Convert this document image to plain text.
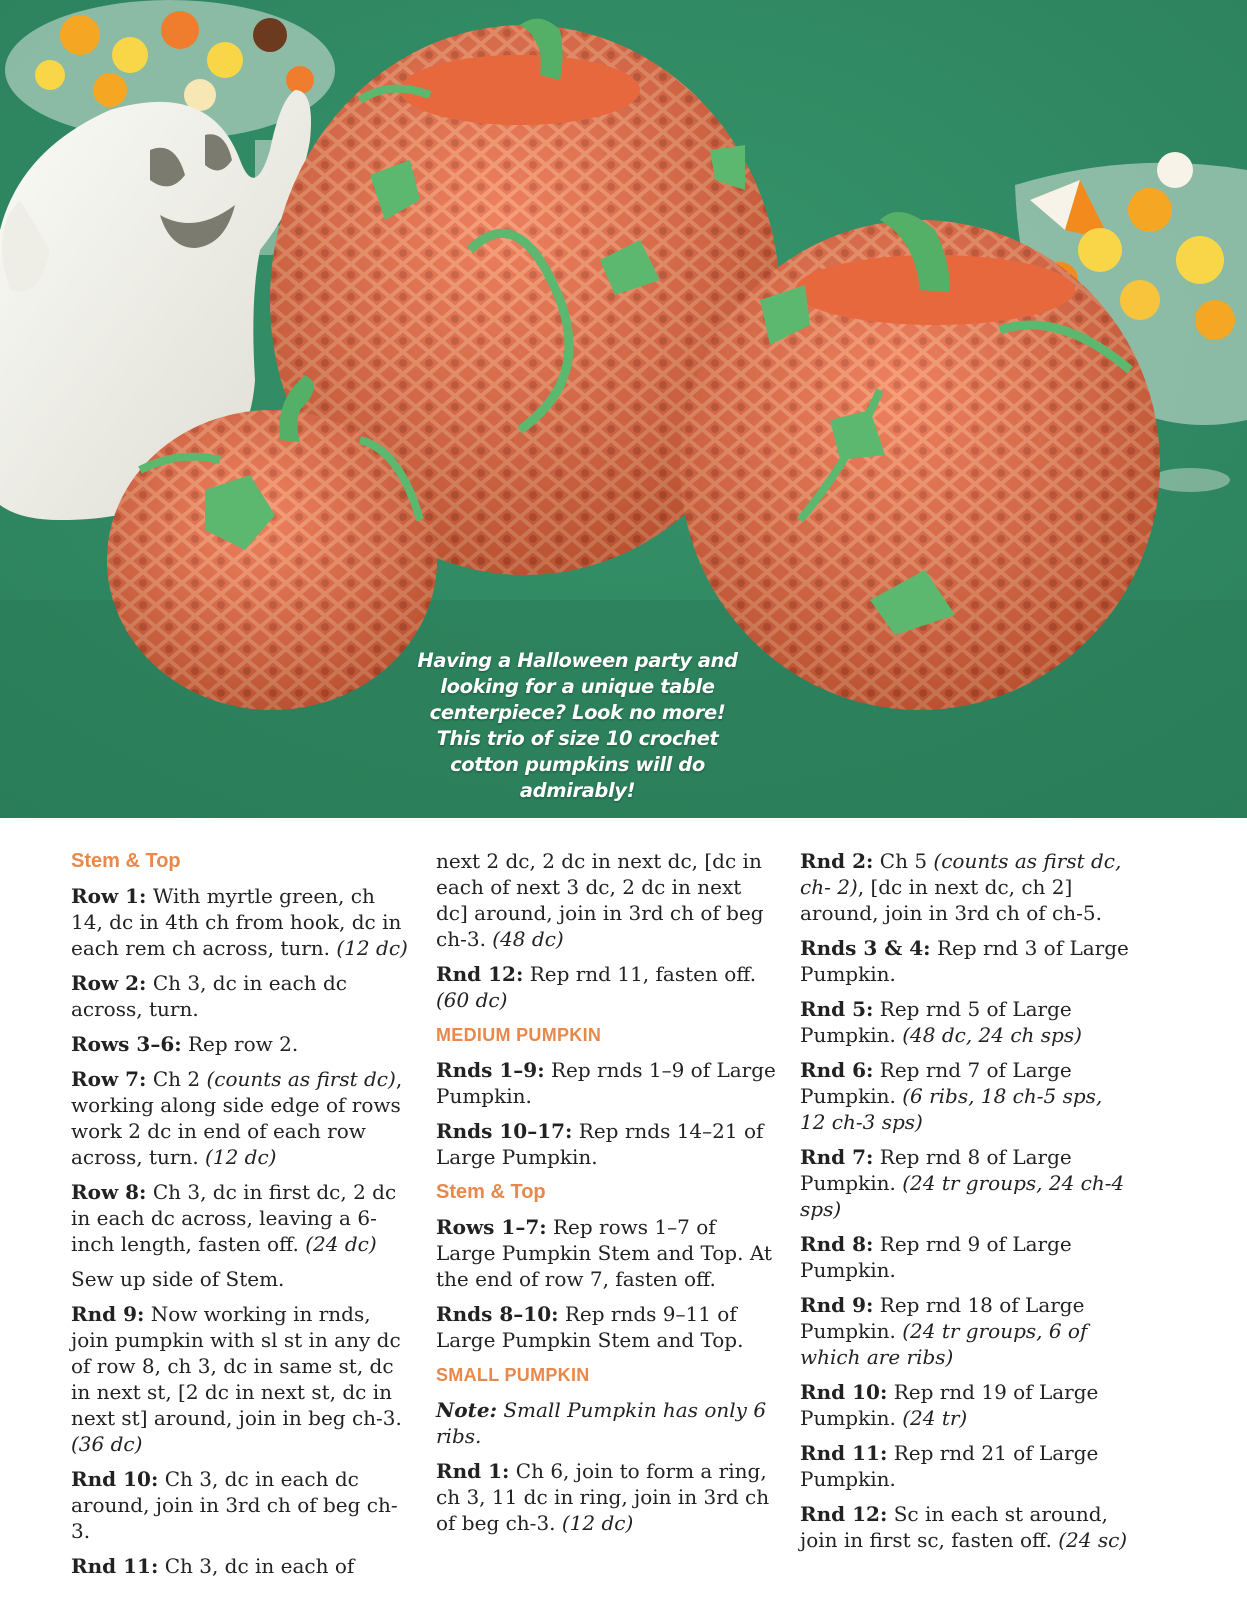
Having a Halloween party and looking for a unique table centerpiece? Look no more! This trio of size 10 crochet cotton pumpkins will do admirably!
Stem & Top

Row 1: With myrtle green, ch 14, dc in 4th ch from hook, dc in each rem ch across, turn. (12 dc)

Row 2: Ch 3, dc in each dc across, turn.

Rows 3–6: Rep row 2.

Row 7: Ch 2 (counts as first dc), working along side edge of rows work 2 dc in end of each row across, turn. (12 dc)

Row 8: Ch 3, dc in first dc, 2 dc in each dc across, leaving a 6-inch length, fasten off. (24 dc)

Sew up side of Stem.

Rnd 9: Now working in rnds, join pumpkin with sl st in any dc of row 8, ch 3, dc in same st, dc in next st, [2 dc in next st, dc in next st] around, join in beg ch-3. (36 dc)

Rnd 10: Ch 3, dc in each dc around, join in 3rd ch of beg ch-3.

Rnd 11: Ch 3, dc in each of

next 2 dc, 2 dc in next dc, [dc in each of next 3 dc, 2 dc in next dc] around, join in 3rd ch of beg ch-3. (48 dc)

Rnd 12: Rep rnd 11, fasten off. (60 dc)

MEDIUM PUMPKIN

Rnds 1–9: Rep rnds 1–9 of Large Pumpkin.

Rnds 10–17: Rep rnds 14–21 of Large Pumpkin.

Stem & Top

Rows 1–7: Rep rows 1–7 of Large Pumpkin Stem and Top. At the end of row 7, fasten off.

Rnds 8–10: Rep rnds 9–11 of Large Pumpkin Stem and Top.

SMALL PUMPKIN

Note: Small Pumpkin has only 6 ribs.

Rnd 1: Ch 6, join to form a ring, ch 3, 11 dc in ring, join in 3rd ch of beg ch-3. (12 dc)

Rnd 2: Ch 5 (counts as first dc, ch- 2), [dc in next dc, ch 2] around, join in 3rd ch of ch-5.

Rnds 3 & 4: Rep rnd 3 of Large Pumpkin.

Rnd 5: Rep rnd 5 of Large Pumpkin. (48 dc, 24 ch sps)

Rnd 6: Rep rnd 7 of Large Pumpkin. (6 ribs, 18 ch-5 sps, 12 ch-3 sps)

Rnd 7: Rep rnd 8 of Large Pumpkin. (24 tr groups, 24 ch-4 sps)

Rnd 8: Rep rnd 9 of Large Pumpkin.

Rnd 9: Rep rnd 18 of Large Pumpkin. (24 tr groups, 6 of which are ribs)

Rnd 10: Rep rnd 19 of Large Pumpkin. (24 tr)

Rnd 11: Rep rnd 21 of Large Pumpkin.

Rnd 12: Sc in each st around, join in first sc, fasten off. (24 sc)
